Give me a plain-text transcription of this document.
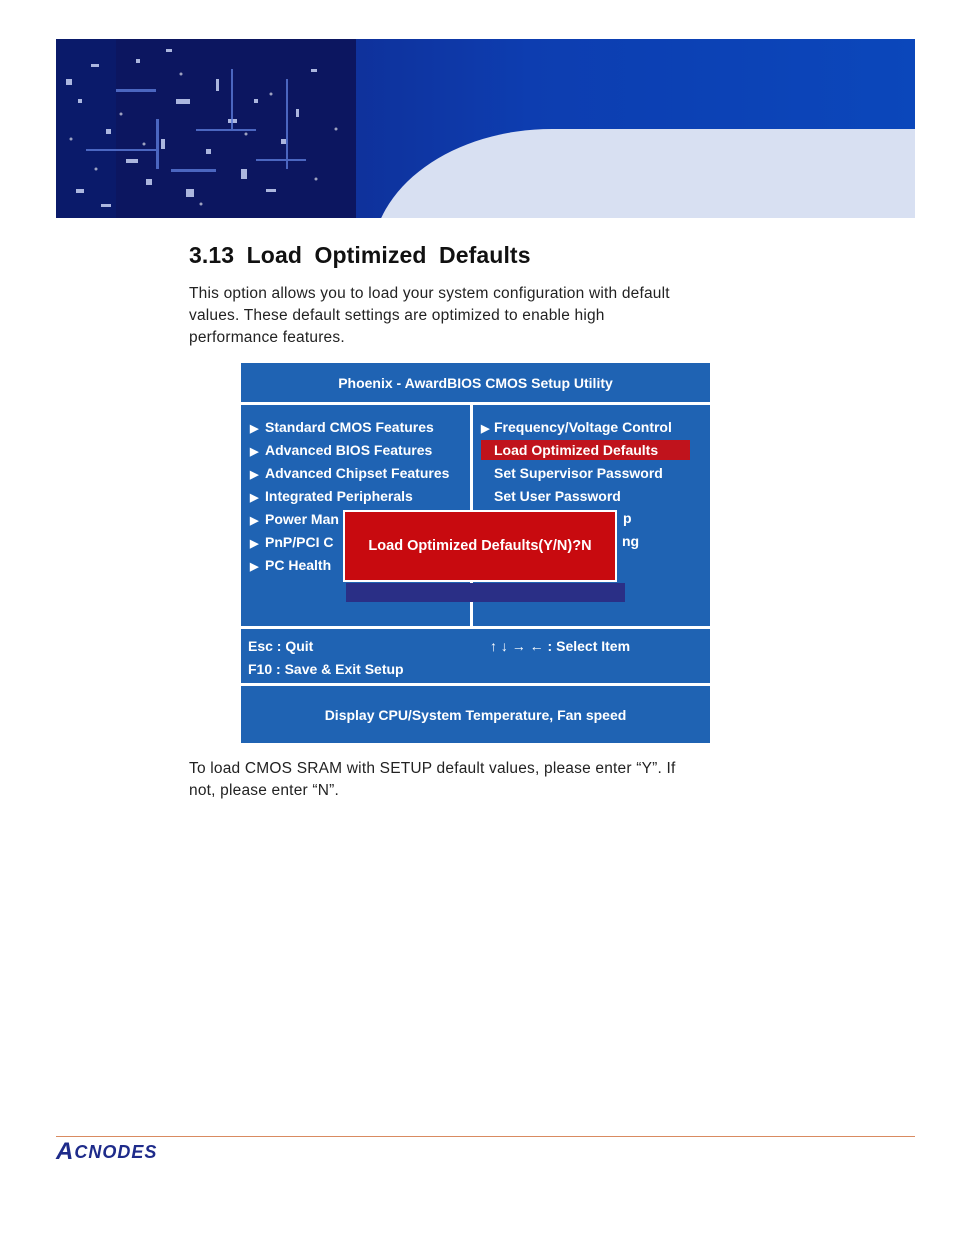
3.13 Load Optimized Defaults

This option allows you to load your system configuration with default
values. These default settings are optimized to enable high
performance features.

Phoenix - AwardBIOS CMOS Setup Utility
▶ Standard CMOS Features
▶ Advanced BIOS Features
▶ Advanced Chipset Features
▶ Integrated Peripherals
▶ Power Man
▶ PnP/PCI C
▶ PC Health
▶ Frequency/Voltage Control
Load Optimized Defaults
Set Supervisor Password
Set User Password
p
ng
Load Optimized Defaults(Y/N)?N
Esc : Quit
F10 : Save & Exit Setup
↑ ↓ → ← : Select Item
Display CPU/System Temperature, Fan speed

To load CMOS SRAM with SETUP default values, please enter “Y”. If
not, please enter “N”.

A CNODES
